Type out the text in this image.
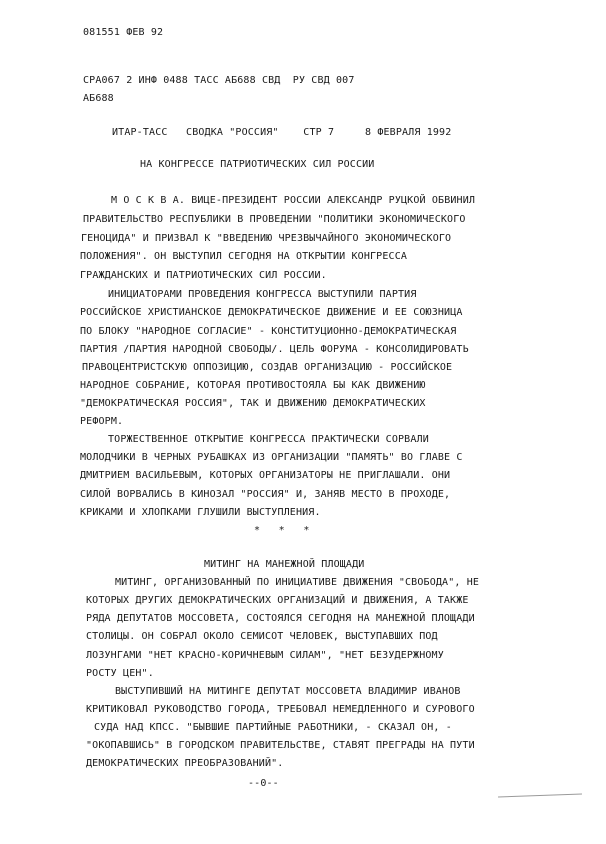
081551 ФЕВ 92
СРА067 2 ИНФ 0488 ТАСС АБ688 СВД  РУ СВД 007
АБ688
ИТАР-ТАСС   СВОДКА "РОССИЯ"    СТР 7     8 ФЕВРАЛЯ 1992
НА КОНГРЕССЕ ПАТРИОТИЧЕСКИХ СИЛ РОССИИ
М О С К В А. ВИЦЕ-ПРЕЗИДЕНТ РОССИИ АЛЕКСАНДР РУЦКОЙ ОБВИНИЛ
ПРАВИТЕЛЬСТВО РЕСПУБЛИКИ В ПРОВЕДЕНИИ "ПОЛИТИКИ ЭКОНОМИЧЕСКОГО
ГЕНОЦИДА" И ПРИЗВАЛ К "ВВЕДЕНИЮ ЧРЕЗВЫЧАЙНОГО ЭКОНОМИЧЕСКОГО
ПОЛОЖЕНИЯ". ОН ВЫСТУПИЛ СЕГОДНЯ НА ОТКРЫТИИ КОНГРЕССА
ГРАЖДАНСКИХ И ПАТРИОТИЧЕСКИХ СИЛ РОССИИ.
ИНИЦИАТОРАМИ ПРОВЕДЕНИЯ КОНГРЕССА ВЫСТУПИЛИ ПАРТИЯ
РОССИЙСКОЕ ХРИСТИАНСКОЕ ДЕМОКРАТИЧЕСКОЕ ДВИЖЕНИЕ И ЕЕ СОЮЗНИЦА
ПО БЛОКУ "НАРОДНОЕ СОГЛАСИЕ" - КОНСТИТУЦИОННО-ДЕМОКРАТИЧЕСКАЯ
ПАРТИЯ /ПАРТИЯ НАРОДНОЙ СВОБОДЫ/. ЦЕЛЬ ФОРУМА - КОНСОЛИДИРОВАТЬ
ПРАВОЦЕНТРИСТСКУЮ ОППОЗИЦИЮ, СОЗДАВ ОРГАНИЗАЦИЮ - РОССИЙСКОЕ
НАРОДНОЕ СОБРАНИЕ, КОТОРАЯ ПРОТИВОСТОЯЛА БЫ КАК ДВИЖЕНИЮ
"ДЕМОКРАТИЧЕСКАЯ РОССИЯ", ТАК И ДВИЖЕНИЮ ДЕМОКРАТИЧЕСКИХ
РЕФОРМ.
ТОРЖЕСТВЕННОЕ ОТКРЫТИЕ КОНГРЕССА ПРАКТИЧЕСКИ СОРВАЛИ
МОЛОДЧИКИ В ЧЕРНЫХ РУБАШКАХ ИЗ ОРГАНИЗАЦИИ "ПАМЯТЬ" ВО ГЛАВЕ С
ДМИТРИЕМ ВАСИЛЬЕВЫМ, КОТОРЫХ ОРГАНИЗАТОРЫ НЕ ПРИГЛАШАЛИ. ОНИ
СИЛОЙ ВОРВАЛИСЬ В КИНОЗАЛ "РОССИЯ" И, ЗАНЯВ МЕСТО В ПРОХОДЕ,
КРИКАМИ И ХЛОПКАМИ ГЛУШИЛИ ВЫСТУПЛЕНИЯ.
*   *   *
МИТИНГ НА МАНЕЖНОЙ ПЛОЩАДИ
МИТИНГ, ОРГАНИЗОВАННЫЙ ПО ИНИЦИАТИВЕ ДВИЖЕНИЯ "СВОБОДА", НЕ
КОТОРЫХ ДРУГИХ ДЕМОКРАТИЧЕСКИХ ОРГАНИЗАЦИЙ И ДВИЖЕНИЯ, А ТАКЖЕ
РЯДА ДЕПУТАТОВ МОССОВЕТА, СОСТОЯЛСЯ СЕГОДНЯ НА МАНЕЖНОЙ ПЛОЩАДИ
СТОЛИЦЫ. ОН СОБРАЛ ОКОЛО СЕМИСОТ ЧЕЛОВЕК, ВЫСТУПАВШИХ ПОД
ЛОЗУНГАМИ "НЕТ КРАСНО-КОРИЧНЕВЫМ СИЛАМ", "НЕТ БЕЗУДЕРЖНОМУ
РОСТУ ЦЕН".
ВЫСТУПИВШИЙ НА МИТИНГЕ ДЕПУТАТ МОССОВЕТА ВЛАДИМИР ИВАНОВ
КРИТИКОВАЛ РУКОВОДСТВО ГОРОДА, ТРЕБОВАЛ НЕМЕДЛЕННОГО И СУРОВОГО
СУДА НАД КПСС. "БЫВШИЕ ПАРТИЙНЫЕ РАБОТНИКИ, - СКАЗАЛ ОН, -
"ОКОПАВШИСЬ" В ГОРОДСКОМ ПРАВИТЕЛЬСТВЕ, СТАВЯТ ПРЕГРАДЫ НА ПУТИ
ДЕМОКРАТИЧЕСКИХ ПРЕОБРАЗОВАНИЙ".
--0--
